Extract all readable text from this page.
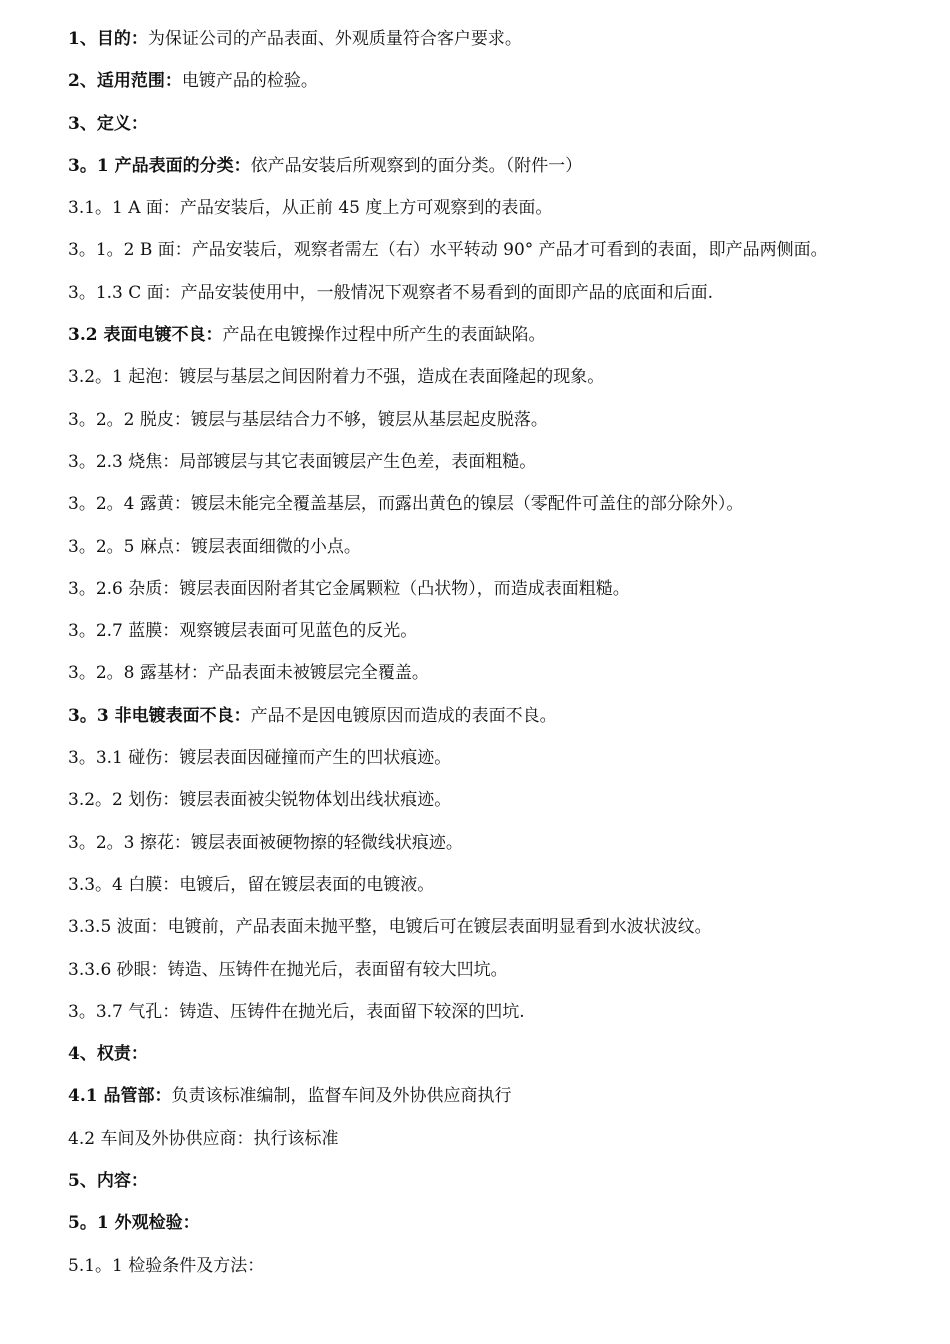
1、目的：为保证公司的产品表面、外观质量符合客户要求。
2、适用范围：电镀产品的检验。
3、定义：
3。1 产品表面的分类：依产品安装后所观察到的面分类。（附件一）
3.1。1 A 面：产品安装后，从正前 45 度上方可观察到的表面。
3。1。2 B 面：产品安装后，观察者需左（右）水平转动 90° 产品才可看到的表面，即产品两侧面。
3。1.3 C 面：产品安装使用中，一般情况下观察者不易看到的面即产品的底面和后面.
3.2 表面电镀不良：产品在电镀操作过程中所产生的表面缺陷。
3.2。1 起泡：镀层与基层之间因附着力不强，造成在表面隆起的现象。
3。2。2 脱皮：镀层与基层结合力不够，镀层从基层起皮脱落。
3。2.3 烧焦：局部镀层与其它表面镀层产生色差，表面粗糙。
3。2。4 露黄：镀层未能完全覆盖基层，而露出黄色的镍层（零配件可盖住的部分除外）。
3。2。5 麻点：镀层表面细微的小点。
3。2.6 杂质：镀层表面因附者其它金属颗粒（凸状物），而造成表面粗糙。
3。2.7 蓝膜：观察镀层表面可见蓝色的反光。
3。2。8 露基材：产品表面未被镀层完全覆盖。
3。3 非电镀表面不良：产品不是因电镀原因而造成的表面不良。
3。3.1 碰伤：镀层表面因碰撞而产生的凹状痕迹。
3.2。2 划伤：镀层表面被尖锐物体划出线状痕迹。
3。2。3 擦花：镀层表面被硬物擦的轻微线状痕迹。
3.3。4 白膜：电镀后，留在镀层表面的电镀液。
3.3.5 波面：电镀前，产品表面未抛平整，电镀后可在镀层表面明显看到水波状波纹。
3.3.6 砂眼：铸造、压铸件在抛光后，表面留有较大凹坑。
3。3.7 气孔：铸造、压铸件在抛光后，表面留下较深的凹坑.
4、权责：
4.1 品管部：负责该标准编制，监督车间及外协供应商执行
4.2 车间及外协供应商：执行该标准
5、内容：
5。1 外观检验：
5.1。1 检验条件及方法：
